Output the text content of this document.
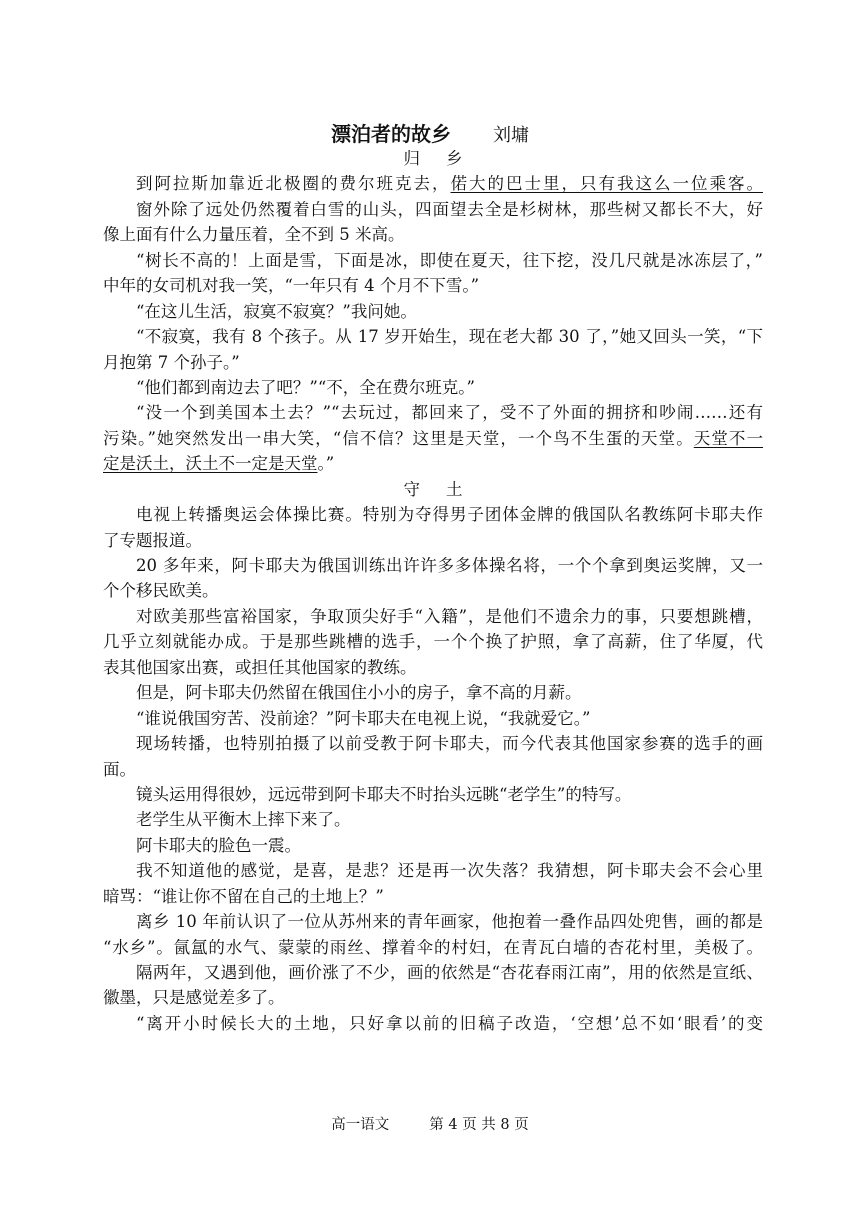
漂泊者的故乡 刘墉
归乡
到阿拉斯加靠近北极圈的费尔班克去，偌大的巴士里，只有我这么一位乘客。
窗外除了远处仍然覆着白雪的山头，四面望去全是杉树林，那些树又都长不大，好
像上面有什么力量压着，全不到 5 米高。
“树长不高的！上面是雪，下面是冰，即使在夏天，往下挖，没几尺就是冰冻层了，”
中年的女司机对我一笑，“一年只有 4 个月不下雪。”
“在这儿生活，寂寞不寂寞？”我问她。
“不寂寞，我有 8 个孩子。从 17 岁开始生，现在老大都 30 了，”她又回头一笑，“下
月抱第 7 个孙子。”
“他们都到南边去了吧？”“不，全在费尔班克。”
“没一个到美国本土去？”“去玩过，都回来了，受不了外面的拥挤和吵闹……还有
污染。”她突然发出一串大笑，“信不信？这里是天堂，一个鸟不生蛋的天堂。天堂不一
定是沃土，沃土不一定是天堂。”
守土
电视上转播奥运会体操比赛。特别为夺得男子团体金牌的俄国队名教练阿卡耶夫作
了专题报道。
20 多年来，阿卡耶夫为俄国训练出许许多多体操名将，一个个拿到奥运奖牌，又一
个个移民欧美。
对欧美那些富裕国家，争取顶尖好手“入籍”，是他们不遗余力的事，只要想跳槽，
几乎立刻就能办成。于是那些跳槽的选手，一个个换了护照，拿了高薪，住了华厦，代
表其他国家出赛，或担任其他国家的教练。
但是，阿卡耶夫仍然留在俄国住小小的房子，拿不高的月薪。
“谁说俄国穷苦、没前途？”阿卡耶夫在电视上说，“我就爱它。”
现场转播，也特别拍摄了以前受教于阿卡耶夫，而今代表其他国家参赛的选手的画
面。
镜头运用得很妙，远远带到阿卡耶夫不时抬头远眺“老学生”的特写。
老学生从平衡木上摔下来了。
阿卡耶夫的脸色一震。
我不知道他的感觉，是喜，是悲？还是再一次失落？我猜想，阿卡耶夫会不会心里
暗骂：“谁让你不留在自己的土地上？”
离乡 10 年前认识了一位从苏州来的青年画家，他抱着一叠作品四处兜售，画的都是
“水乡”。氤氲的水气、蒙蒙的雨丝、撑着伞的村妇，在青瓦白墙的杏花村里，美极了。
隔两年，又遇到他，画价涨了不少，画的依然是“杏花春雨江南”，用的依然是宣纸、
徽墨，只是感觉差多了。
“离开小时候长大的土地，只好拿以前的旧稿子改造，‘空想’总不如‘眼看’的变
高一语文	第 4 页 共 8 页
